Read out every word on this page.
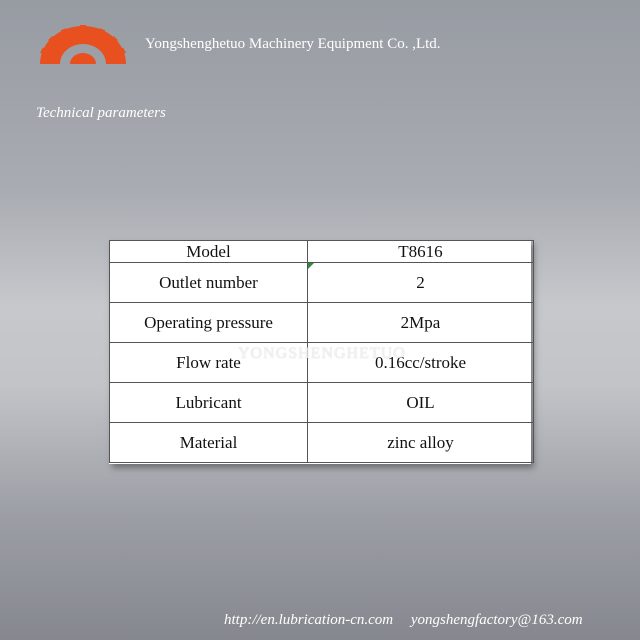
Yongshenghetuo Machinery Equipment Co. ,Ltd.
Technical parameters
Model	T8616
Outlet number	2
Operating pressure	2Mpa
Flow rate	0.16cc/stroke
Lubricant	OIL
Material	zinc alloy
YONGSHENGHETUO
http://en.lubrication-cn.com yongshengfactory@163.com
